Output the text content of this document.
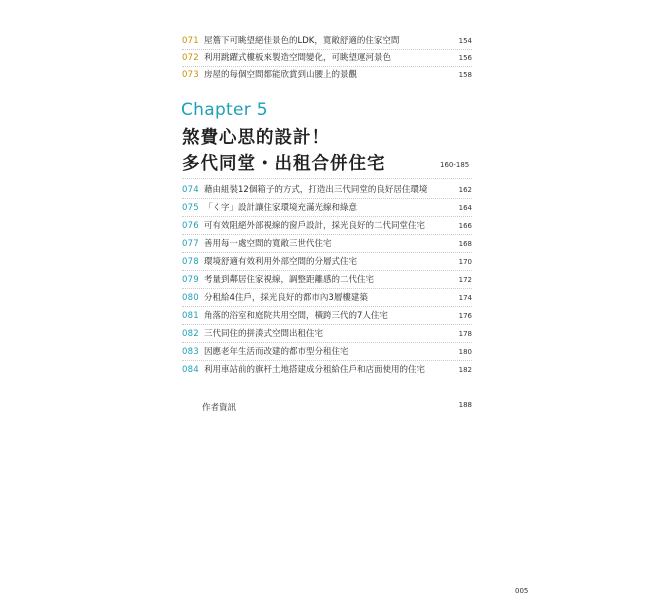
071 屋簷下可眺望絕佳景色的LDK，寬敞舒適的住家空間	154
072 利用跳躍式樓板來製造空間變化，可眺望運河景色	156
073 房屋的每個空間都能欣賞到山腰上的景觀	158
Chapter 5
煞費心思的設計！
多代同堂・出租合併住宅	160-185
074 藉由組裝12個箱子的方式，打造出三代同堂的良好居住環境	162
075 「く字」設計讓住家環境充滿光線和綠意	164
076 可有效阻絕外部視線的窗戶設計，採光良好的二代同堂住宅	166
077 善用每一處空間的寬敞三世代住宅	168
078 環境舒適有效利用外部空間的分層式住宅	170
079 考量到鄰居住家視線，調整距離感的二代住宅	172
080 分租給4住戶，採光良好的都市內3層樓建築	174
081 角落的浴室和庭院共用空間，橫跨三代的7人住宅	176
082 三代同住的拼湊式空間出租住宅	178
083 因應老年生活而改建的都市型分租住宅	180
084 利用車站前的旗杆土地搭建成分租給住戶和店面使用的住宅	182
作者資訊	188
005
